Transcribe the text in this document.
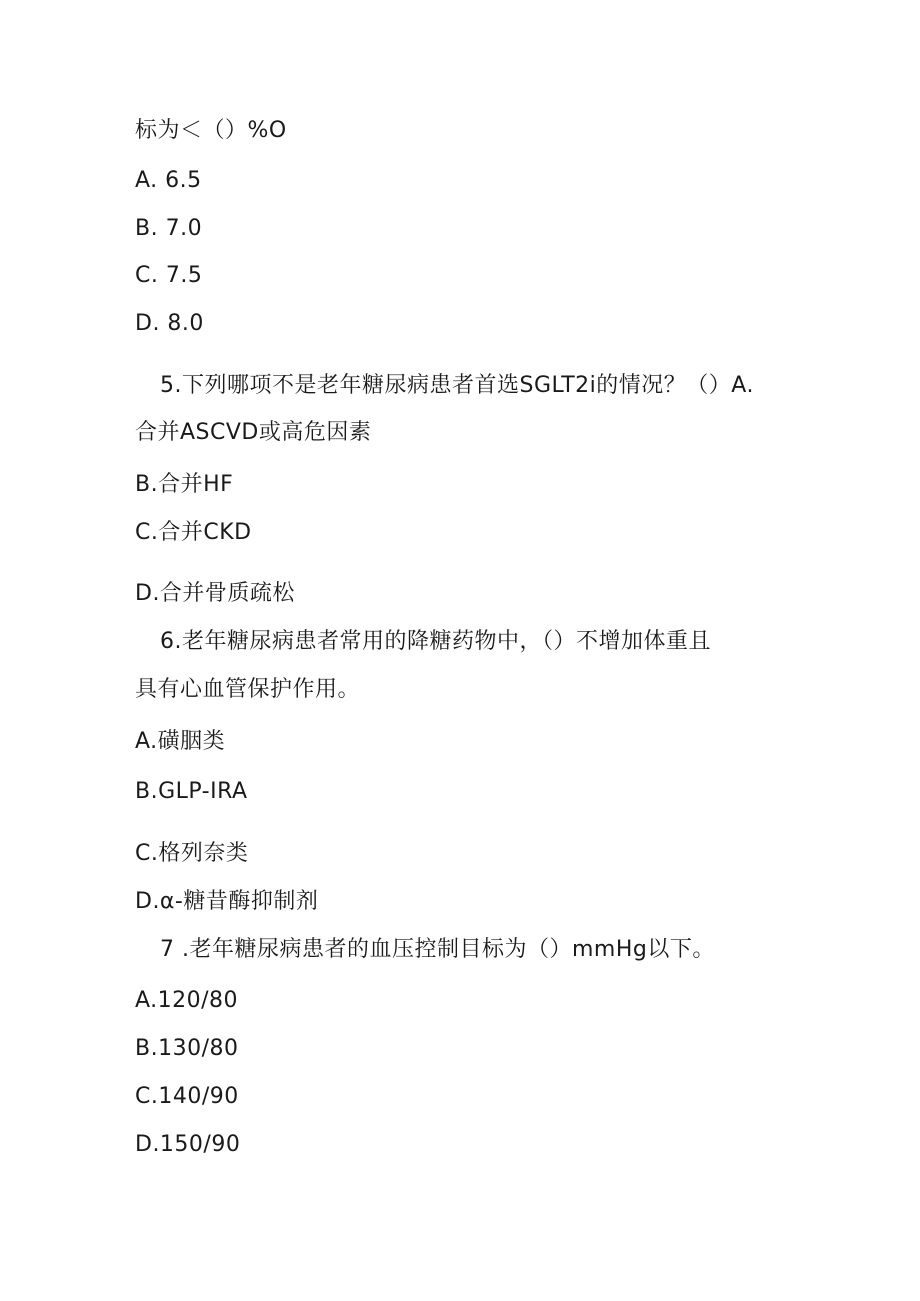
标为＜（）%O
A. 6.5
B. 7.0
C. 7.5
D. 8.0
5.下列哪项不是老年糖尿病患者首选SGLT2i的情况？（）A.
合并ASCVD或高危因素
B.合并HF
C.合并CKD
D.合并骨质疏松
6.老年糖尿病患者常用的降糖药物中，（）不增加体重且
具有心血管保护作用。
A.磺胭类
B.GLP-IRA
C.格列奈类
D.α-糖昔酶抑制剂
7 .老年糖尿病患者的血压控制目标为（）mmHg以下。
A.120/80
B.130/80
C.140/90
D.150/90
